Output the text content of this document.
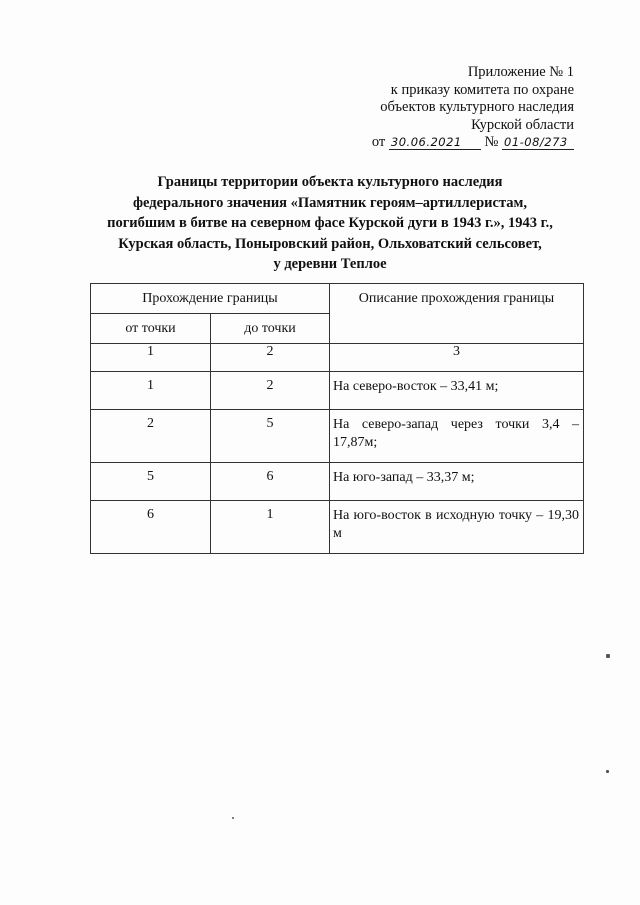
Приложение № 1
к приказу комитета по охране
объектов культурного наследия
Курской области
от 30.06.2021 № 01-08/273
Границы территории объекта культурного наследия
федерального значения «Памятник героям–артиллеристам,
погибшим в битве на северном фасе Курской дуги в 1943 г.», 1943 г.,
Курская область, Поныровский район, Ольховатский сельсовет,
у деревни Теплое
Прохождение границы		Описание прохождения границы
от точки	до точки	
1	2	3
1	2	На северо-восток – 33,41 м;
2	5	На северо-запад через точки 3,4 – 17,87м;
5	6	На юго-запад – 33,37 м;
6	1	На юго-восток в исходную точку – 19,30 м
